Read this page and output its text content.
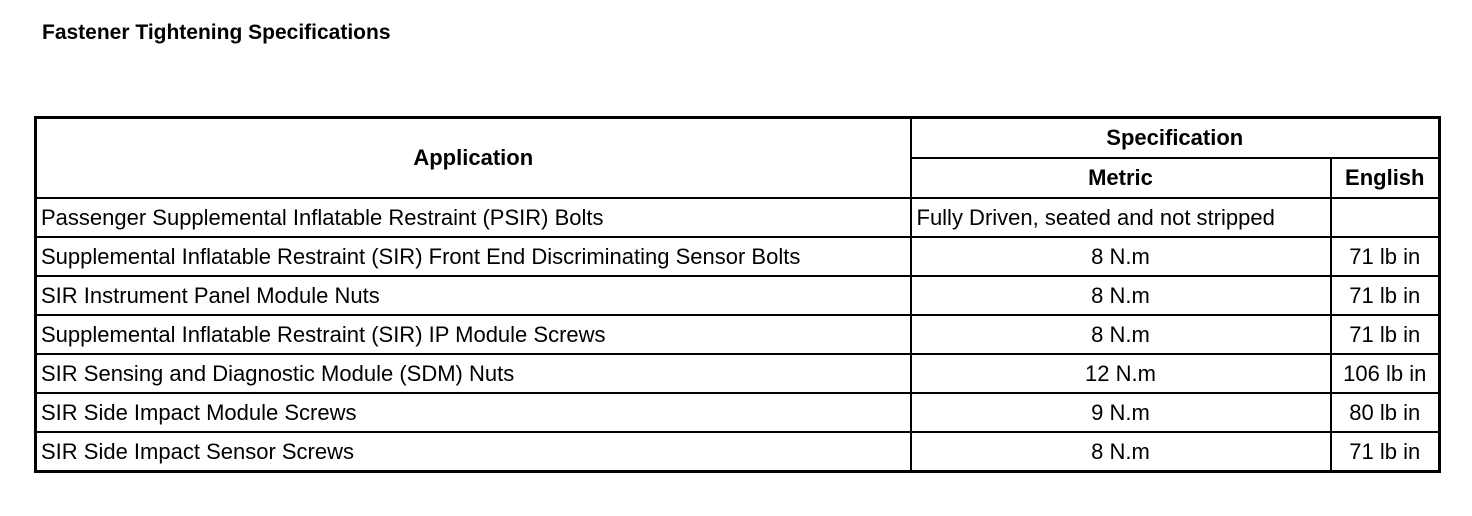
Fastener Tightening Specifications
Application	Specification	
	Metric	English
Passenger Supplemental Inflatable Restraint (PSIR) Bolts	Fully Driven, seated and not stripped	
Supplemental Inflatable Restraint (SIR) Front End Discriminating Sensor Bolts	8 N.m	71 lb in
SIR Instrument Panel Module Nuts	8 N.m	71 lb in
Supplemental Inflatable Restraint (SIR) IP Module Screws	8 N.m	71 lb in
SIR Sensing and Diagnostic Module (SDM) Nuts	12 N.m	106 lb in
SIR Side Impact Module Screws	9 N.m	80 lb in
SIR Side Impact Sensor Screws	8 N.m	71 lb in
